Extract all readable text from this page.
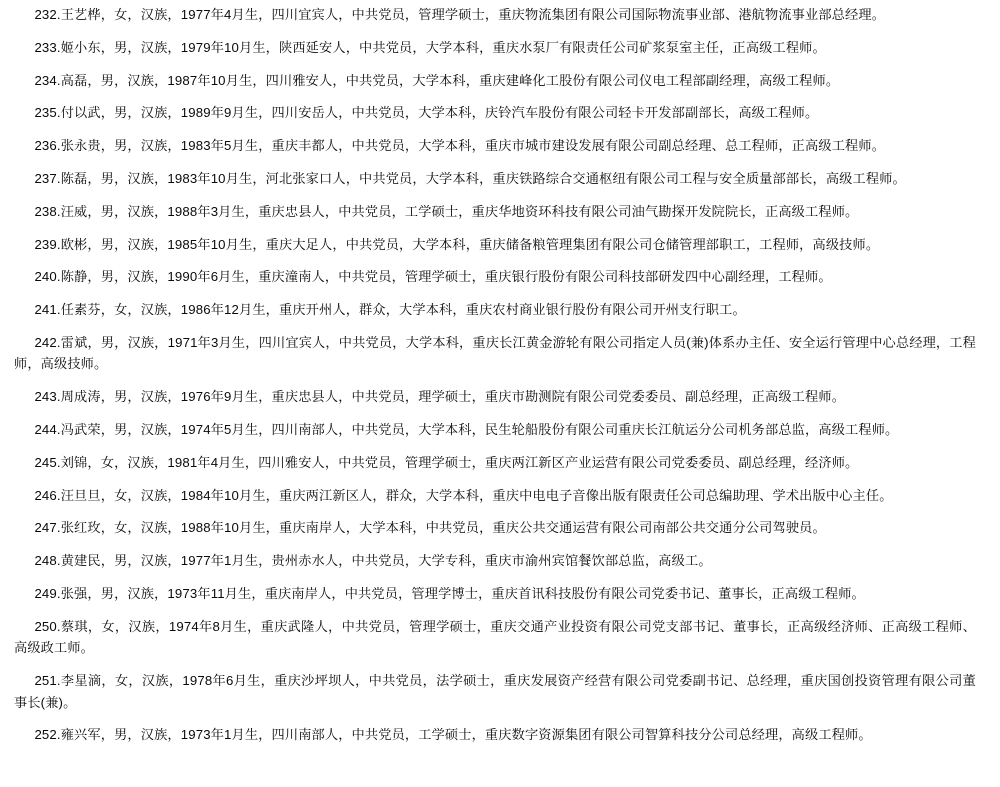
232.王艺桦，女，汉族，1977年4月生，四川宜宾人，中共党员，管理学硕士，重庆物流集团有限公司国际物流事业部、港航物流事业部总经理。

233.姬小东，男，汉族，1979年10月生，陕西延安人，中共党员，大学本科，重庆水泵厂有限责任公司矿浆泵室主任，正高级工程师。

234.高磊，男，汉族，1987年10月生，四川雅安人，中共党员，大学本科，重庆建峰化工股份有限公司仪电工程部副经理，高级工程师。

235.付以武，男，汉族，1989年9月生，四川安岳人，中共党员，大学本科，庆铃汽车股份有限公司轻卡开发部副部长，高级工程师。

236.张永贵，男，汉族，1983年5月生，重庆丰都人，中共党员，大学本科，重庆市城市建设发展有限公司副总经理、总工程师，正高级工程师。

237.陈磊，男，汉族，1983年10月生，河北张家口人，中共党员，大学本科，重庆铁路综合交通枢纽有限公司工程与安全质量部部长，高级工程师。

238.汪威，男，汉族，1988年3月生，重庆忠县人，中共党员，工学硕士，重庆华地资环科技有限公司油气勘探开发院院长，正高级工程师。

239.欧彬，男，汉族，1985年10月生，重庆大足人，中共党员，大学本科，重庆储备粮管理集团有限公司仓储管理部职工，工程师，高级技师。

240.陈静，男，汉族，1990年6月生，重庆潼南人，中共党员，管理学硕士，重庆银行股份有限公司科技部研发四中心副经理，工程师。

241.任素芬，女，汉族，1986年12月生，重庆开州人，群众，大学本科，重庆农村商业银行股份有限公司开州支行职工。

242.雷斌，男，汉族，1971年3月生，四川宜宾人，中共党员，大学本科，重庆长江黄金游轮有限公司指定人员(兼)体系办主任、安全运行管理中心总经理，工程师，高级技师。

243.周成涛，男，汉族，1976年9月生，重庆忠县人，中共党员，理学硕士，重庆市勘测院有限公司党委委员、副总经理，正高级工程师。

244.冯武荣，男，汉族，1974年5月生，四川南部人，中共党员，大学本科，民生轮船股份有限公司重庆长江航运分公司机务部总监，高级工程师。

245.刘锦，女，汉族，1981年4月生，四川雅安人，中共党员，管理学硕士，重庆两江新区产业运营有限公司党委委员、副总经理，经济师。

246.汪旦旦，女，汉族，1984年10月生，重庆两江新区人，群众，大学本科，重庆中电电子音像出版有限责任公司总编助理、学术出版中心主任。

247.张红玫，女，汉族，1988年10月生，重庆南岸人，大学本科，中共党员，重庆公共交通运营有限公司南部公共交通分公司驾驶员。

248.黄建民，男，汉族，1977年1月生，贵州赤水人，中共党员，大学专科，重庆市渝州宾馆餐饮部总监，高级工。

249.张强，男，汉族，1973年11月生，重庆南岸人，中共党员，管理学博士，重庆首讯科技股份有限公司党委书记、董事长，正高级工程师。

250.蔡琪，女，汉族，1974年8月生，重庆武隆人，中共党员，管理学硕士，重庆交通产业投资有限公司党支部书记、董事长，正高级经济师、正高级工程师、高级政工师。

251.李星滴，女，汉族，1978年6月生，重庆沙坪坝人，中共党员，法学硕士，重庆发展资产经营有限公司党委副书记、总经理，重庆国创投资管理有限公司董事长(兼)。

252.雍兴军，男，汉族，1973年1月生，四川南部人，中共党员，工学硕士，重庆数字资源集团有限公司智算科技分公司总经理，高级工程师。
